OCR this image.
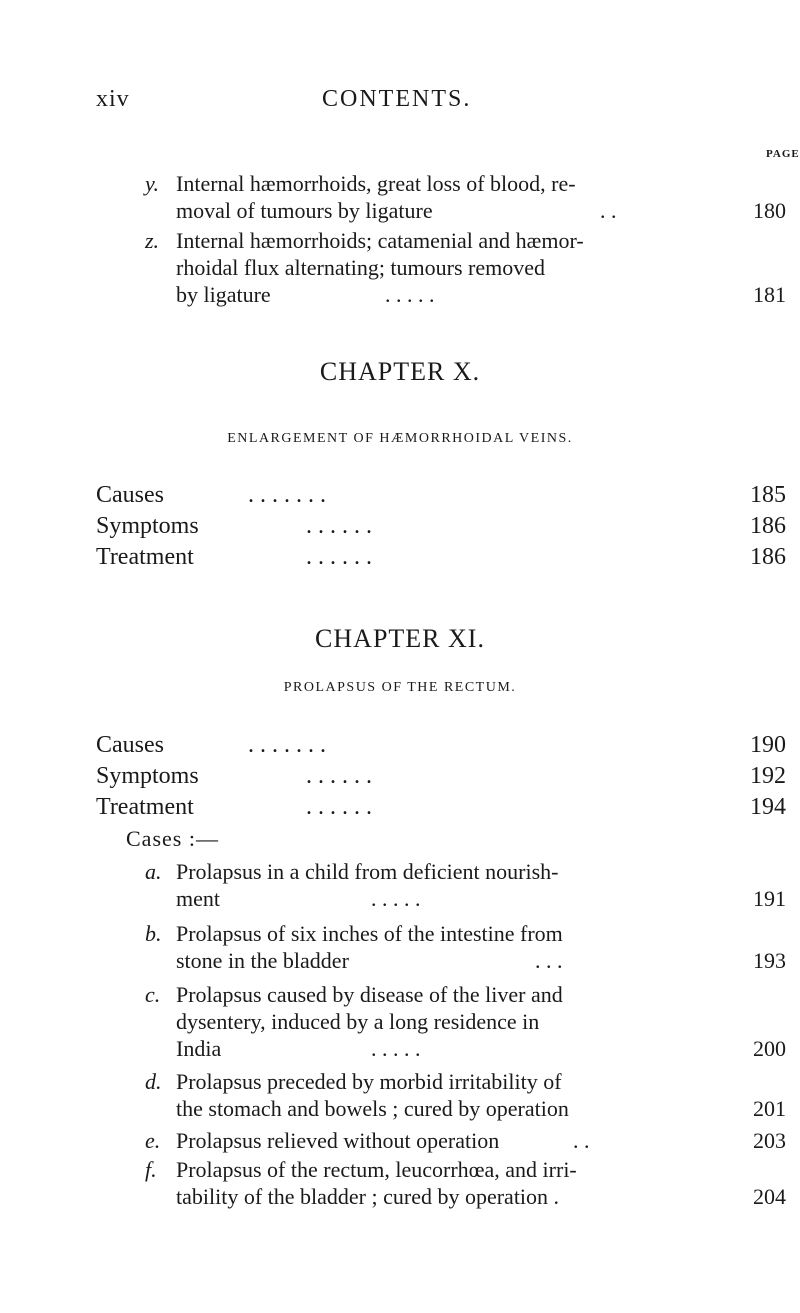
xiv	CONTENTS.
PAGE
y. Internal hæmorrhoids, great loss of blood, re-
moval of tumours by ligature	. .	180
z. Internal hæmorrhoids; catamenial and hæmor-
rhoidal flux alternating; tumours removed
by ligature	. . . . .	181
CHAPTER X.
ENLARGEMENT OF HÆMORRHOIDAL VEINS.
Causes	. . . . . . .	185
Symptoms	. . . . . .	186
Treatment	. . . . . .	186
CHAPTER XI.
PROLAPSUS OF THE RECTUM.
Causes	. . . . . . .	190
Symptoms	. . . . . .	192
Treatment	. . . . . .	194
Cases :—
a. Prolapsus in a child from deficient nourish-
ment	. . . . .	191
b. Prolapsus of six inches of the intestine from
stone in the bladder	. . .	193
c. Prolapsus caused by disease of the liver and
dysentery, induced by a long residence in
India	. . . . .	200
d. Prolapsus preceded by morbid irritability of
the stomach and bowels ; cured by operation	201
e. Prolapsus relieved without operation	. .	203
f. Prolapsus of the rectum, leucorrhœa, and irri-
tability of the bladder ; cured by operation .	204
